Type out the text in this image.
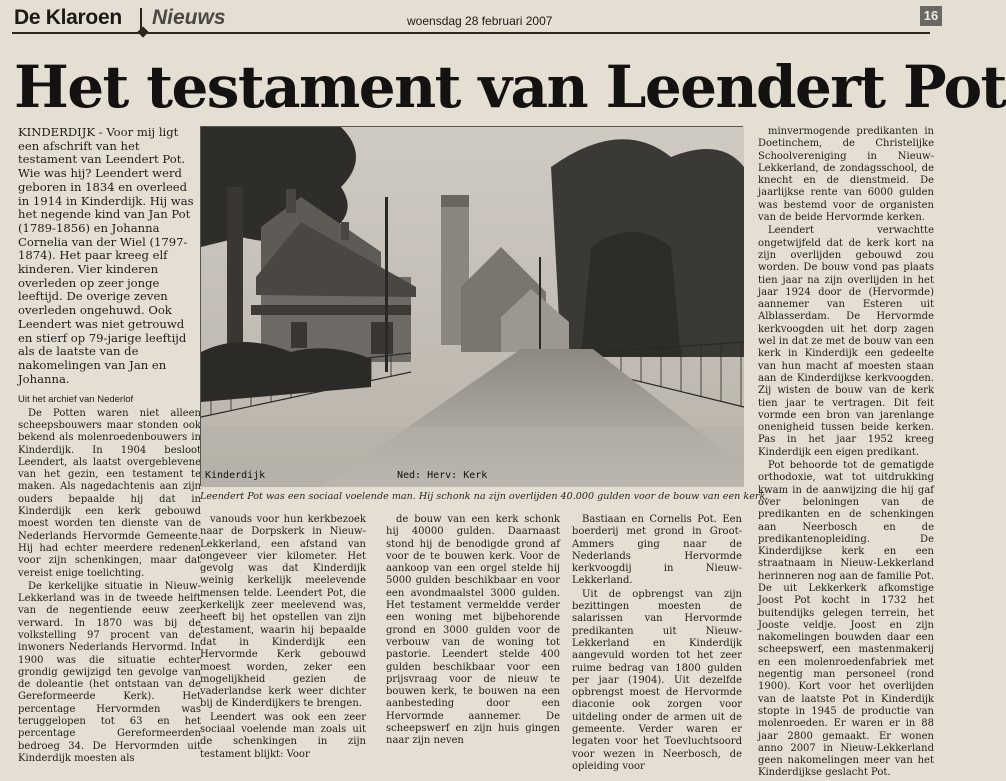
De Klaroen Nieuws	woensdag 28 februari 2007	16
Het testament van Leendert Pot

KINDERDIJK - Voor mij ligt een afschrift van het testament van Leendert Pot. Wie was hij? Leendert werd geboren in 1834 en overleed in 1914 in Kinderdijk. Hij was het negende kind van Jan Pot (1789-1856) en Johanna Cornelia van der Wiel (1797-1874). Het paar kreeg elf kinderen. Vier kinderen overleden op zeer jonge leeftijd. De overige zeven overleden ongehuwd. Ook Leendert was niet getrouwd en stierf op 79-jarige leeftijd als de laatste van de nakomelingen van Jan en Johanna.

Uit het archief van Nederlof

De Potten waren niet alleen scheepsbouwers maar stonden ook bekend als molenroedenbouwers in Kinderdijk. In 1904 besloot Leendert, als laatst overgeblevene van het gezin, een testament te maken. Als nagedachtenis aan zijn ouders bepaalde hij dat in Kinderdijk een kerk gebouwd moest worden ten dienste van de Nederlands Hervormde Gemeente. Hij had echter meerdere redenen voor zijn schenkingen, maar dat vereist enige toelichting.

De kerkelijke situatie in Nieuw-Lekkerland was in de tweede helft van de negentiende eeuw zeer verward. In 1870 was bij de volkstelling 97 procent van de inwoners Nederlands Hervormd. In 1900 was die situatie echter grondig gewijzigd ten gevolge van de doleantie (het ontstaan van de Gereformeerde Kerk). Het percentage Hervormden was teruggelopen tot 63 en het percentage Gereformeerden bedroeg 34. De Hervormden uit Kinderdijk moesten als

Kinderdijk	Ned: Herv: Kerk
Leendert Pot was een sociaal voelende man. Hij schonk na zijn overlijden 40.000 gulden voor de bouw van een kerk.

vanouds voor hun kerkbezoek naar de Dorpskerk in Nieuw-Lekkerland, een afstand van ongeveer vier kilometer. Het gevolg was dat Kinderdijk weinig kerkelijk meelevende mensen telde. Leendert Pot, die kerkelijk zeer meelevend was, heeft bij het opstellen van zijn testament, waarin hij bepaalde dat in Kinderdijk een Hervormde Kerk gebouwd moest worden, zeker een mogelijkheid gezien de vaderlandse kerk weer dichter bij de Kinderdijkers te brengen.

Leendert was ook een zeer sociaal voelende man zoals uit de schenkingen in zijn testament blijkt: Voor

de bouw van een kerk schonk hij 40000 gulden. Daarnaast stond hij de benodigde grond af voor de te bouwen kerk. Voor de aankoop van een orgel stelde hij 5000 gulden beschikbaar en voor een avondmaalstel 3000 gulden. Het testament vermeldde verder een woning met bijbehorende grond en 3000 gulden voor de verbouw van de woning tot pastorie. Leendert stelde 400 gulden beschikbaar voor een prijsvraag voor de nieuw te bouwen kerk, te bouwen na een aanbesteding door een Hervormde aannemer. De scheepswerf en zijn huis gingen naar zijn neven

Bastiaan en Cornelis Pot. Een boerderij met grond in Groot-Ammers ging naar de Nederlands Hervormde kerkvoogdij in Nieuw-Lekkerland.

Uit de opbrengst van zijn bezittingen moesten de salarissen van Hervormde predikanten uit Nieuw-Lekkerland en Kinderdijk aangevuld worden tot het zeer ruime bedrag van 1800 gulden per jaar (1904). Uit dezelfde opbrengst moest de Hervormde diaconie ook zorgen voor uitdeling onder de armen uit de gemeente. Verder waren er legaten voor het Toevluchtsoord voor wezen in Neerbosch, de opleiding voor

minvermogende predikanten in Doetinchem, de Christelijke Schoolvereniging in Nieuw-Lekkerland, de zondagsschool, de knecht en de dienstmeid. De jaarlijkse rente van 6000 gulden was bestemd voor de organisten van de beide Hervormde kerken.

Leendert verwachtte ongetwijfeld dat de kerk kort na zijn overlijden gebouwd zou worden. De bouw vond pas plaats tien jaar na zijn overlijden in het jaar 1924 door de (Hervormde) aannemer van Esteren uit Alblasserdam. De Hervormde kerkvoogden uit het dorp zagen wel in dat ze met de bouw van een kerk in Kinderdijk een gedeelte van hun macht af moesten staan aan de Kinderdijkse kerkvoogden. Zij wisten de bouw van de kerk tien jaar te vertragen. Dit feit vormde een bron van jarenlange onenigheid tussen beide kerken. Pas in het jaar 1952 kreeg Kinderdijk een eigen predikant.

Pot behoorde tot de gematigde orthodoxie, wat tot uitdrukking kwam in de aanwijzing die hij gaf over beloningen van de predikanten en de schenkingen aan Neerbosch en de predikantenopleiding. De Kinderdijkse kerk en een straatnaam in Nieuw-Lekkerland herinneren nog aan de familie Pot. De uit Lekkerkerk afkomstige Joost Pot kocht in 1732 het buitendijks gelegen terrein, het Jooste veldje. Joost en zijn nakomelingen bouwden daar een scheepswerf, een mastenmakerij en een molenroedenfabriek met negentig man personeel (rond 1900). Kort voor het overlijden van de laatste Pot in Kinderdijk stopte in 1945 de productie van molenroeden. Er waren er in 88 jaar 2800 gemaakt. Er wonen anno 2007 in Nieuw-Lekkerland geen nakomelingen meer van het Kinderdijkse geslacht Pot.
